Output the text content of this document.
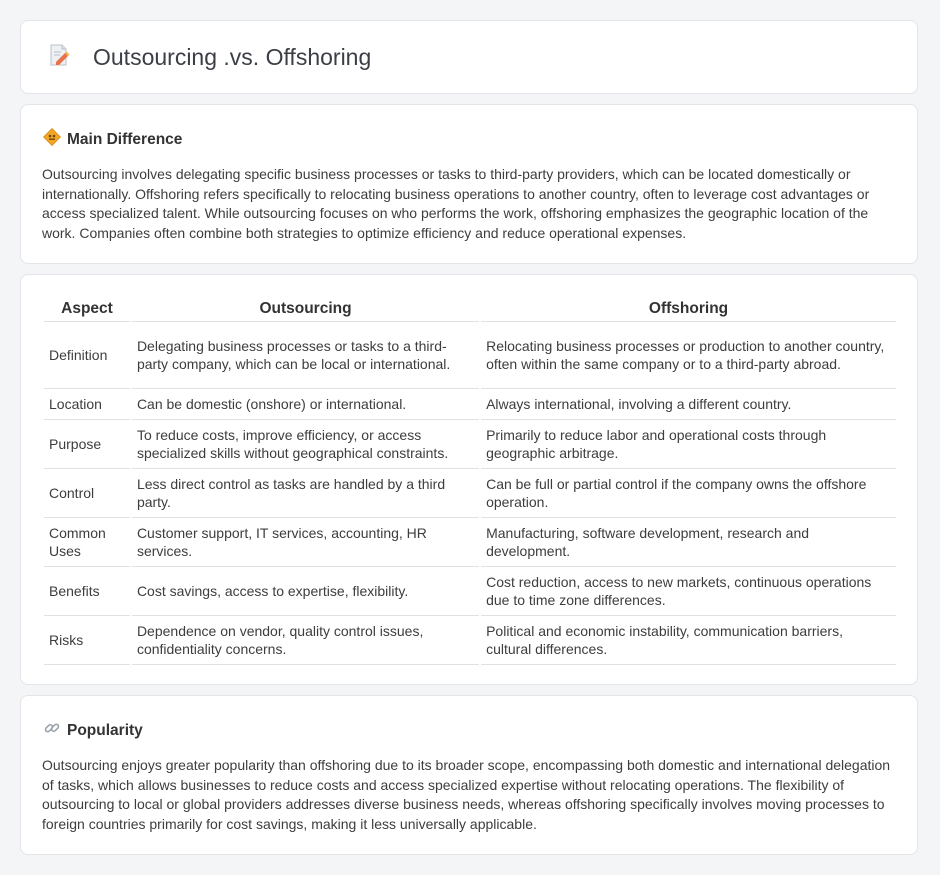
Outsourcing .vs. Offshoring
Main Difference
Outsourcing involves delegating specific business processes or tasks to third-party providers, which can be located domestically or internationally. Offshoring refers specifically to relocating business operations to another country, often to leverage cost advantages or access specialized talent. While outsourcing focuses on who performs the work, offshoring emphasizes the geographic location of the work. Companies often combine both strategies to optimize efficiency and reduce operational expenses.
Aspect	Outsourcing	Offshoring
Definition	Delegating business processes or tasks to a third-party company, which can be local or international.	Relocating business processes or production to another country, often within the same company or to a third-party abroad.
Location	Can be domestic (onshore) or international.	Always international, involving a different country.
Purpose	To reduce costs, improve efficiency, or access specialized skills without geographical constraints.	Primarily to reduce labor and operational costs through geographic arbitrage.
Control	Less direct control as tasks are handled by a third party.	Can be full or partial control if the company owns the offshore operation.
Common Uses	Customer support, IT services, accounting, HR services.	Manufacturing, software development, research and development.
Benefits	Cost savings, access to expertise, flexibility.	Cost reduction, access to new markets, continuous operations due to time zone differences.
Risks	Dependence on vendor, quality control issues, confidentiality concerns.	Political and economic instability, communication barriers, cultural differences.
Popularity
Outsourcing enjoys greater popularity than offshoring due to its broader scope, encompassing both domestic and international delegation of tasks, which allows businesses to reduce costs and access specialized expertise without relocating operations. The flexibility of outsourcing to local or global providers addresses diverse business needs, whereas offshoring specifically involves moving processes to foreign countries primarily for cost savings, making it less universally applicable.
